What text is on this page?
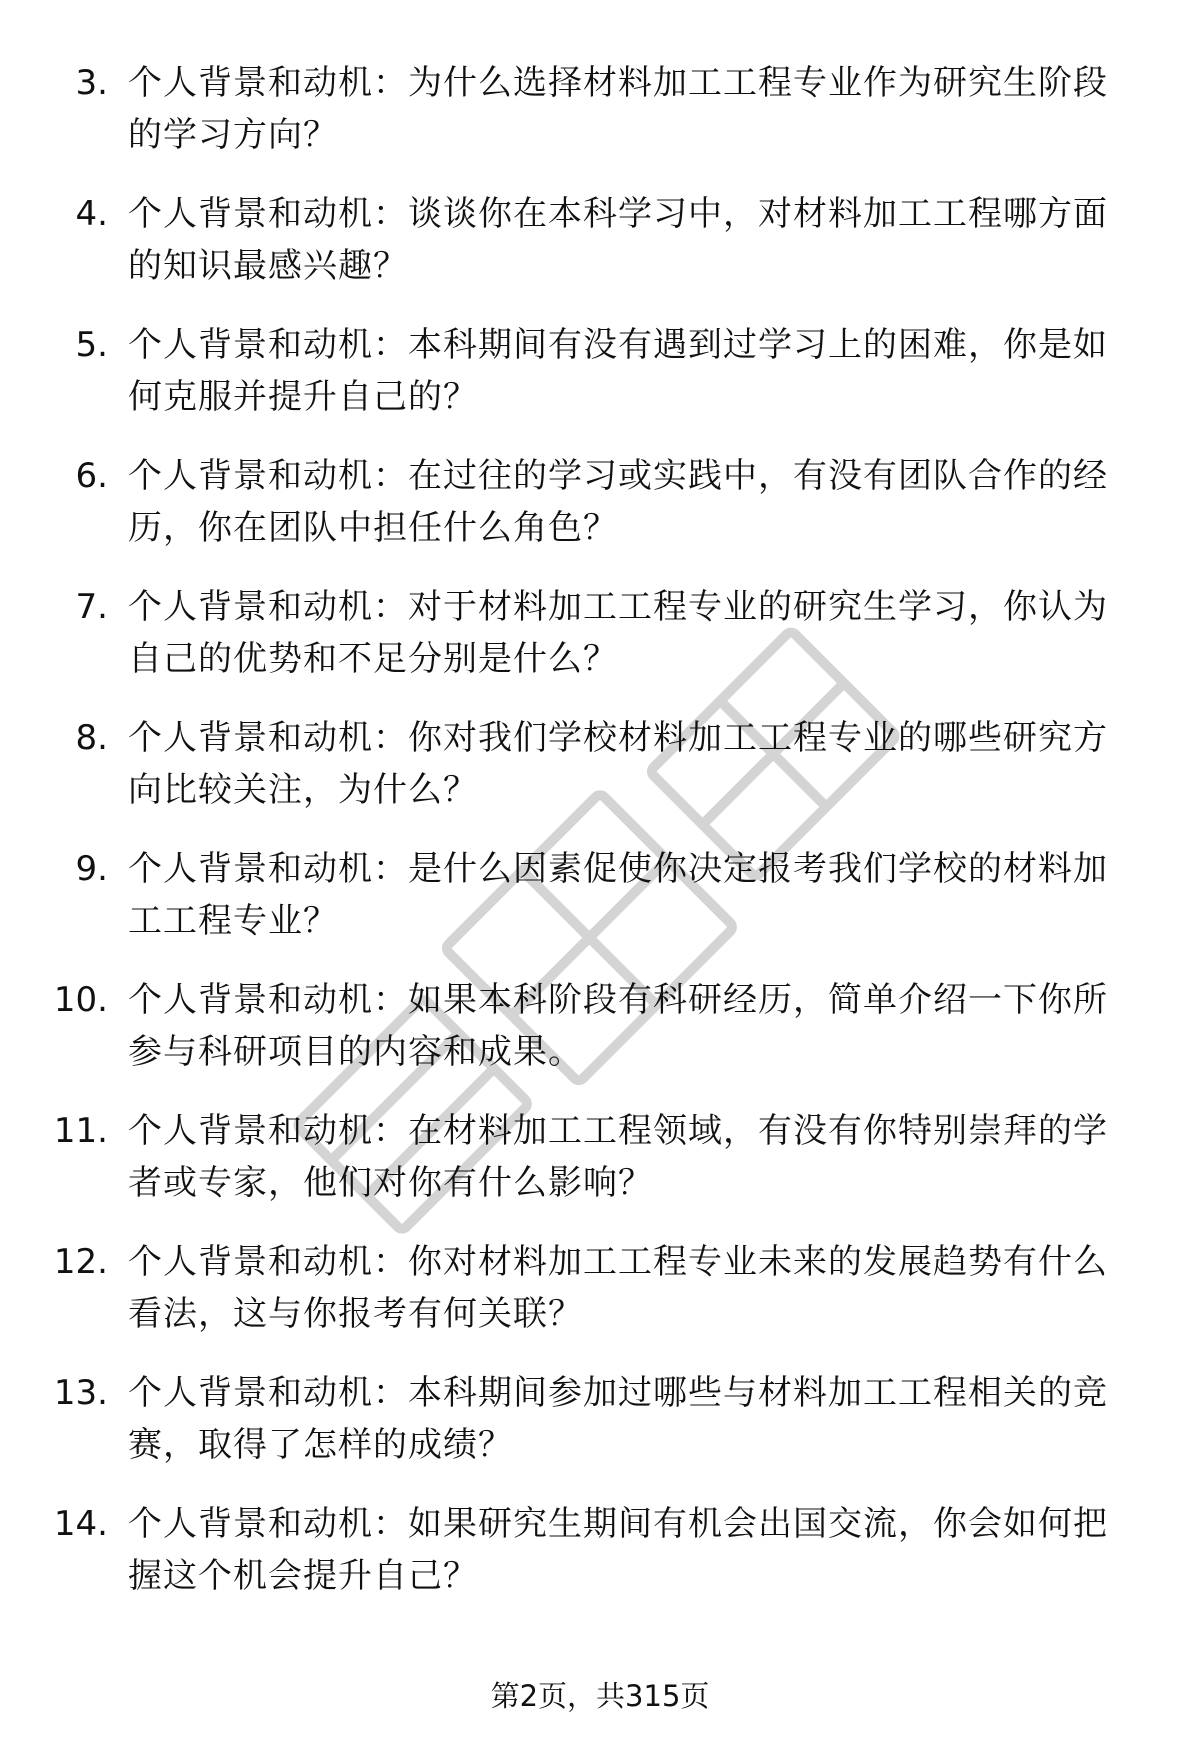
3. 个人背景和动机：为什么选择材料加工工程专业作为研究生阶段的学习方向？
4. 个人背景和动机：谈谈你在本科学习中，对材料加工工程哪方面的知识最感兴趣？
5. 个人背景和动机：本科期间有没有遇到过学习上的困难，你是如何克服并提升自己的？
6. 个人背景和动机：在过往的学习或实践中，有没有团队合作的经历，你在团队中担任什么角色？
7. 个人背景和动机：对于材料加工工程专业的研究生学习，你认为自己的优势和不足分别是什么？
8. 个人背景和动机：你对我们学校材料加工工程专业的哪些研究方向比较关注，为什么？
9. 个人背景和动机：是什么因素促使你决定报考我们学校的材料加工工程专业？
10. 个人背景和动机：如果本科阶段有科研经历，简单介绍一下你所参与科研项目的内容和成果。
11. 个人背景和动机：在材料加工工程领域，有没有你特别崇拜的学者或专家，他们对你有什么影响？
12. 个人背景和动机：你对材料加工工程专业未来的发展趋势有什么看法，这与你报考有何关联？
13. 个人背景和动机：本科期间参加过哪些与材料加工工程相关的竞赛，取得了怎样的成绩？
14. 个人背景和动机：如果研究生期间有机会出国交流，你会如何把握这个机会提升自己？
第2页，共315页
